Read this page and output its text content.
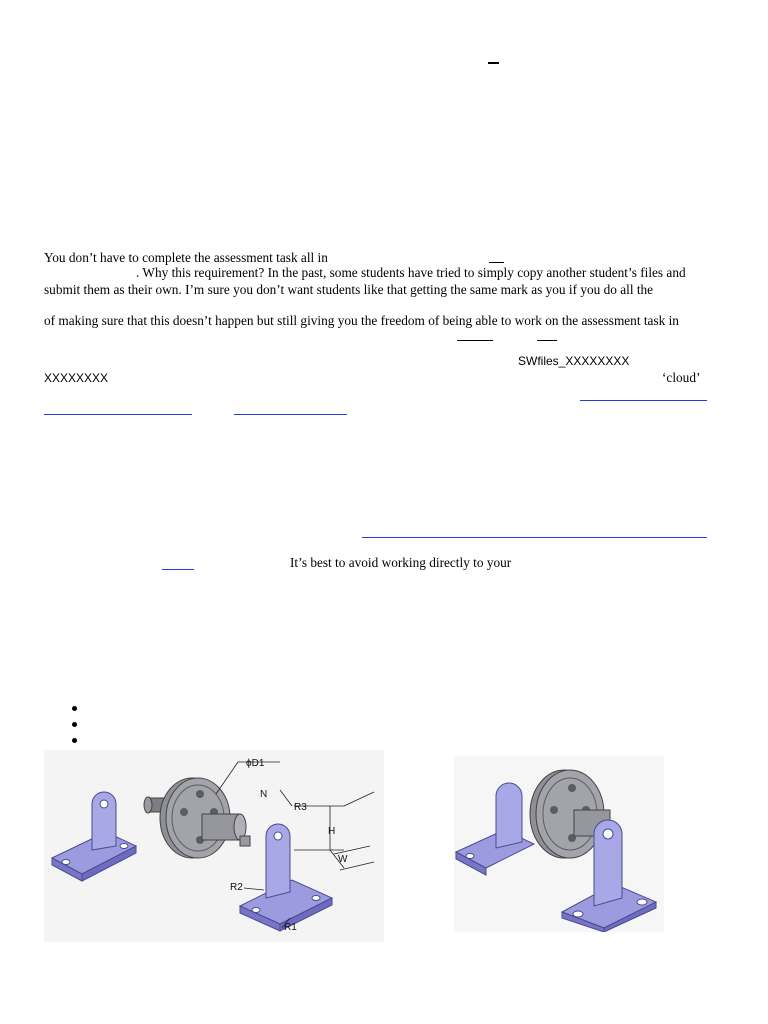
You don’t have to complete the assessment task all in
. Why this requirement? In the past, some students have tried to simply copy another student’s files and
submit them as their own. I’m sure you don’t want students like that getting the same mark as you if you do all the
of making sure that this doesn’t happen but still giving you the freedom of being able to work on the assessment task in
SWfiles_XXXXXXXX
XXXXXXXX	‘cloud’
It’s best to avoid working directly to your
ϕD1
N
R3
H
W
R2
R1
